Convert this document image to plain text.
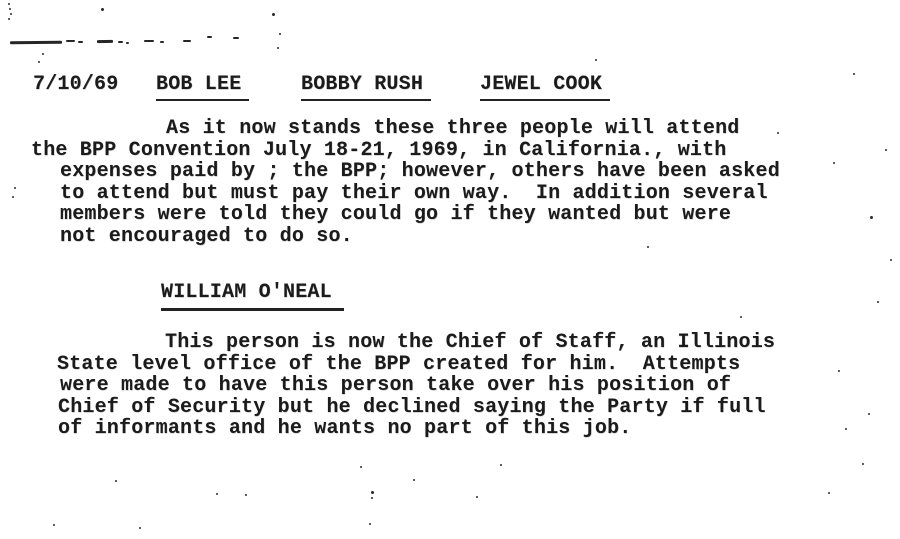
7/10/69 BOB LEE	BOBBY RUSH	JEWEL COOK
As it now stands these three people will attend
the BPP Convention July 18-21, 1969, in California., with
expenses paid by ; the BPP; however, others have been asked
to attend but must pay their own way.  In addition several
members were told they could go if they wanted but were
not encouraged to do so.
WILLIAM O'NEAL
This person is now the Chief of Staff, an Illinois
State level office of the BPP created for him.  Attempts
were made to have this person take over his position of
Chief of Security but he declined saying the Party if full
of informants and he wants no part of this job.
